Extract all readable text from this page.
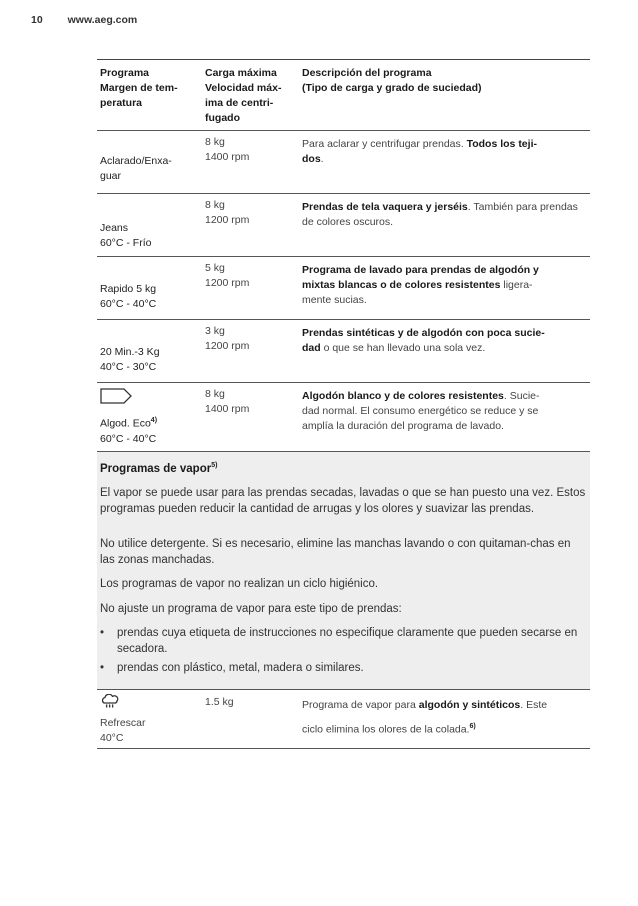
10 www.aeg.com
Programa
Margen de tem-
peratura
Carga máxima
Velocidad máx-
ima de centri-
fugado
Descripción del programa
(Tipo de carga y grado de suciedad)
Aclarado/Enxa-
guar
8 kg
1400 rpm
Para aclarar y centrifugar prendas. Todos los teji-
dos.
Jeans
60°C - Frío
8 kg
1200 rpm
Prendas de tela vaquera y jerséis. También para prendas de colores oscuros.
Rapido 5 kg
60°C - 40°C
5 kg
1200 rpm
Programa de lavado para prendas de algodón y
mixtas blancas o de colores resistentes ligera-
mente sucias.
20 Min.-3 Kg
40°C - 30°C
3 kg
1200 rpm
Prendas sintéticas y de algodón con poca sucie-
dad o que se han llevado una sola vez.
Algod. Eco$^{4)}$
60°C - 40°C
8 kg
1400 rpm
Algodón blanco y de colores resistentes. Sucie-
dad normal. El consumo energético se reduce y se
amplía la duración del programa de lavado.

Programas de vapor$^{5)}$

El vapor se puede usar para las prendas secadas, lavadas o que se han puesto una vez. Estos programas pueden reducir la cantidad de arrugas y los olores y suavizar las prendas.

No utilice detergente. Si es necesario, elimine las manchas lavando o con quitaman-chas en las zonas manchadas.

Los programas de vapor no realizan un ciclo higiénico.

No ajuste un programa de vapor para este tipo de prendas:

• prendas cuya etiqueta de instrucciones no especifique claramente que pueden secarse en secadora.
• prendas con plástico, metal, madera o similares.
Refrescar
40°C
1.5 kg	Programa de vapor para algodón y sintéticos. Este
ciclo elimina los olores de la colada.$^{6)}$
